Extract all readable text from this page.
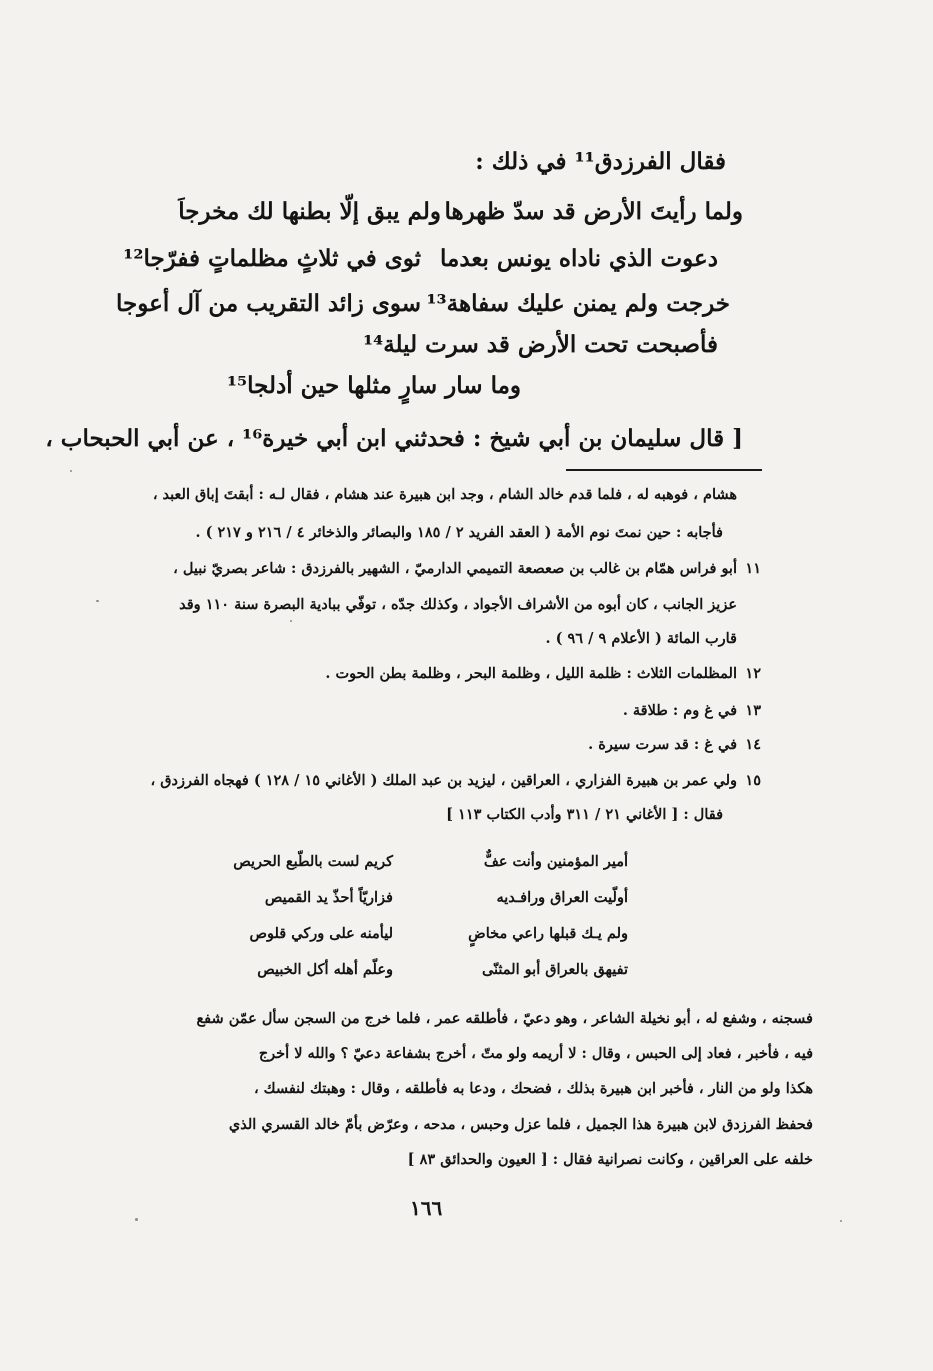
فقال الفرزدق¹¹ في ذلك :
ولما رأيتَ الأرض قد سدّ ظهرها
ولم يبق إلّا بطنها لك مخرجاَ
دعوت الذي ناداه يونس بعدما
ثوى في ثلاثٍ مظلماتٍ ففرّجا¹²
خرجت ولم يمنن عليك سفاهة¹³
سوى زائد التقريب من آل أعوجا
فأصبحت تحت الأرض قد سرت ليلة¹⁴
وما سار سارٍ مثلها حين أدلجا¹⁵
[ قال سليمان بن أبي شيخ : فحدثني ابن أبي خيرة¹⁶ ، عن أبي الحبحاب ،
هشام ، فوهبه له ، فلما قدم خالد الشام ، وجد ابن هبيرة عند هشام ، فقال لـه : أبقتَ إباق العبد ،
فأجابه : حين نمتَ نوم الأمة ( العقد الفريد ٢ / ١٨٥ والبصائر والذخائر ٤ / ٢١٦ و ٢١٧ ) .
١١
أبو فراس همّام بن غالب بن صعصعة التميمي الدارميّ ، الشهير بالفرزدق : شاعر بصريّ نبيل ،
عزيز الجانب ، كان أبوه من الأشراف الأجواد ، وكذلك جدّه ، توفّي ببادية البصرة سنة ١١٠ وقد
قارب المائة ( الأعلام ٩ / ٩٦ ) .
١٢
المظلمات الثلاث : ظلمة الليل ، وظلمة البحر ، وظلمة بطن الحوت .
١٣
في غ وم : طلاقة .
١٤
في غ : قد سرت سيرة .
١٥
ولي عمر بن هبيرة الفزاري ، العراقين ، ليزيد بن عبد الملك ( الأغاني ١٥ / ١٢٨ ) فهجاه الفرزدق ،
فقال : [ الأغاني ٢١ / ٣١١ وأدب الكتاب ١١٣ ]
أمير المؤمنين وأنت عفٌّ
كريم لست بالطّبع الحريص
أولّيت العراق ورافـديه
فزاريّاً أحذّ يد القميص
ولم يـك قبلها راعي مخاضٍ
ليأمنه على وركي قلوص
تفيهق بالعراق أبو المثنّى
وعلّم أهله أكل الخبيص
فسجنه ، وشفع له ، أبو نخيلة الشاعر ، وهو دعيّ ، فأطلقه عمر ، فلما خرج من السجن سأل عمّن شفع
فيه ، فأخبر ، فعاد إلى الحبس ، وقال : لا أريمه ولو متّ ، أخرج بشفاعة دعيّ ؟ والله لا أخرج
هكذا ولو من النار ، فأخبر ابن هبيرة بذلك ، فضحك ، ودعا به فأطلقه ، وقال : وهبتك لنفسك ،
فحفظ الفرزدق لابن هبيرة هذا الجميل ، فلما عزل وحبس ، مدحه ، وعرّض بأمّ خالد القسري الذي
خلفه على العراقين ، وكانت نصرانية فقال : [ العيون والحدائق ٨٣ ]
١٦٦
